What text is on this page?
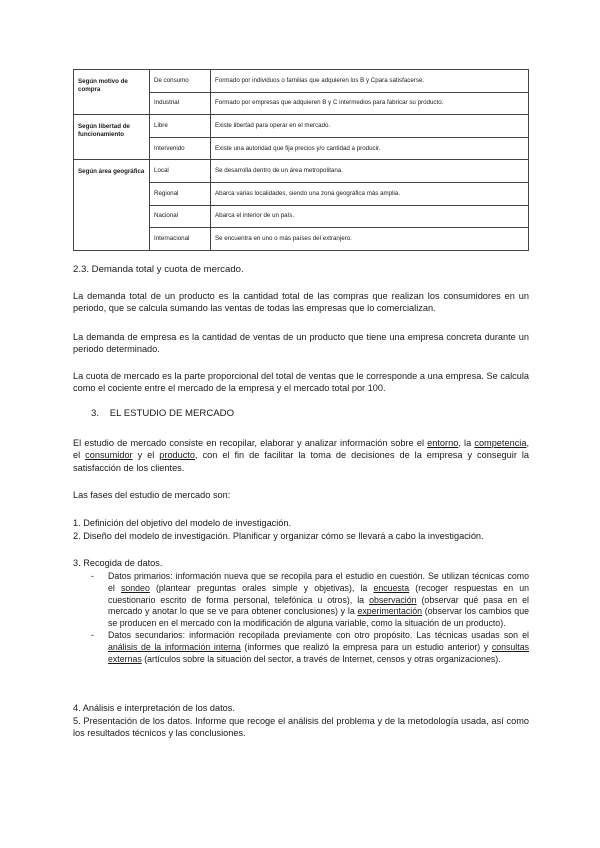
Según motivo de compra	De consumo	Formado por individuos o familias que adquieren los B y Cpara satisfacerse.
	Industrial	Formado por empresas que adquieren B y C intermedios para fabricar su producto.
Según libertad de funcionamiento	Libre	Existe libertad para operar en el mercado.
	Intervenido	Existe una autoridad que fija precios y/o cantidad a producir.
Según área geográfica	Local	Se desarrolla dentro de un área metropolitana.
	Regional	Abarca varias localidades, siendo una zona geográfica más amplia.
	Nacional	Abarca el interior de un país.
	Internacional	Se encuentra en uno o más países del extranjero.
2.3. Demanda total y cuota de mercado.

La demanda total de un producto es la cantidad total de las compras que realizan los consumidores en un periodo, que se calcula sumando las ventas de todas las empresas que lo comercializan.

La demanda de empresa es la cantidad de ventas de un producto que tiene una empresa concreta durante un periodo determinado.

La cuota de mercado es la parte proporcional del total de ventas que le corresponde a una empresa. Se calcula como el cociente entre el mercado de la empresa y el mercado total por 100.

3. EL ESTUDIO DE MERCADO

El estudio de mercado consiste en recopilar, elaborar y analizar información sobre el entorno, la competencia, el consumidor y el producto, con el fin de facilitar la toma de decisiones de la empresa y conseguir la satisfacción de los clientes.

Las fases del estudio de mercado son:

1. Definición del objetivo del modelo de investigación.

2. Diseño del modelo de investigación. Planificar y organizar cómo se llevará a cabo la investigación.

3. Recogida de datos.

- Datos primarios: información nueva que se recopila para el estudio en cuestión. Se utilizan técnicas como el sondeo (plantear preguntas orales simple y objetivas), la encuesta (recoger respuestas en un cuestionario escrito de forma personal, telefónica u otros), la observación (observar qué pasa en el mercado y anotar lo que se ve para obtener conclusiones) y la experimentación (observar los cambios que se producen en el mercado con la modificación de alguna variable, como la situación de un producto).

- Datos secundarios: información recopilada previamente con otro propósito. Las técnicas usadas son el análisis de la información interna (informes que realizó la empresa para un estudio anterior) y consultas externas (artículos sobre la situación del sector, a través de Internet, censos y otras organizaciones).

4. Análisis e interpretación de los datos.

5. Presentación de los datos. Informe que recoge el análisis del problema y de la metodología usada, así como los resultados técnicos y las conclusiones.
